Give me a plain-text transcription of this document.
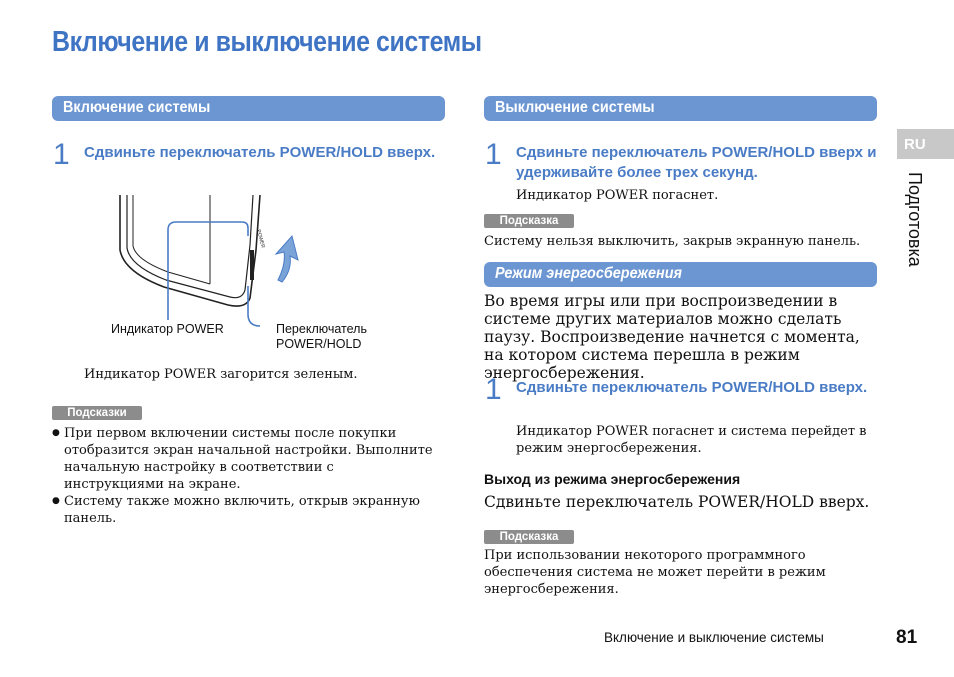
Включение и выключение системы
Включение системы
1 Сдвиньте переключатель POWER/HOLD вверх.
POWER
Индикатор POWER	Переключатель
POWER/HOLD
Индикатор POWER загорится зеленым.
Подсказки
● При первом включении системы после покупки отобразится экран начальной настройки. Выполните начальную настройку в соответствии с инструкциями на экране.
● Систему также можно включить, открыв экранную панель.
Выключение системы
1 Сдвиньте переключатель POWER/HOLD вверх и удерживайте более трех секунд.
Индикатор POWER погаснет.
Подсказка
Систему нельзя выключить, закрыв экранную панель.
Режим энергосбережения
Во время игры или при воспроизведении в системе других материалов можно сделать паузу. Воспроизведение начнется с момента, на котором система перешла в режим энергосбережения.
1 Сдвиньте переключатель POWER/HOLD вверх.
Индикатор POWER погаснет и система перейдет в режим энергосбережения.
Выход из режима энергосбережения
Сдвиньте переключатель POWER/HOLD вверх.
Подсказка
При использовании некоторого программного обеспечения система не может перейти в режим энергосбережения.
RU
Подготовка
Включение и выключение системы	81
